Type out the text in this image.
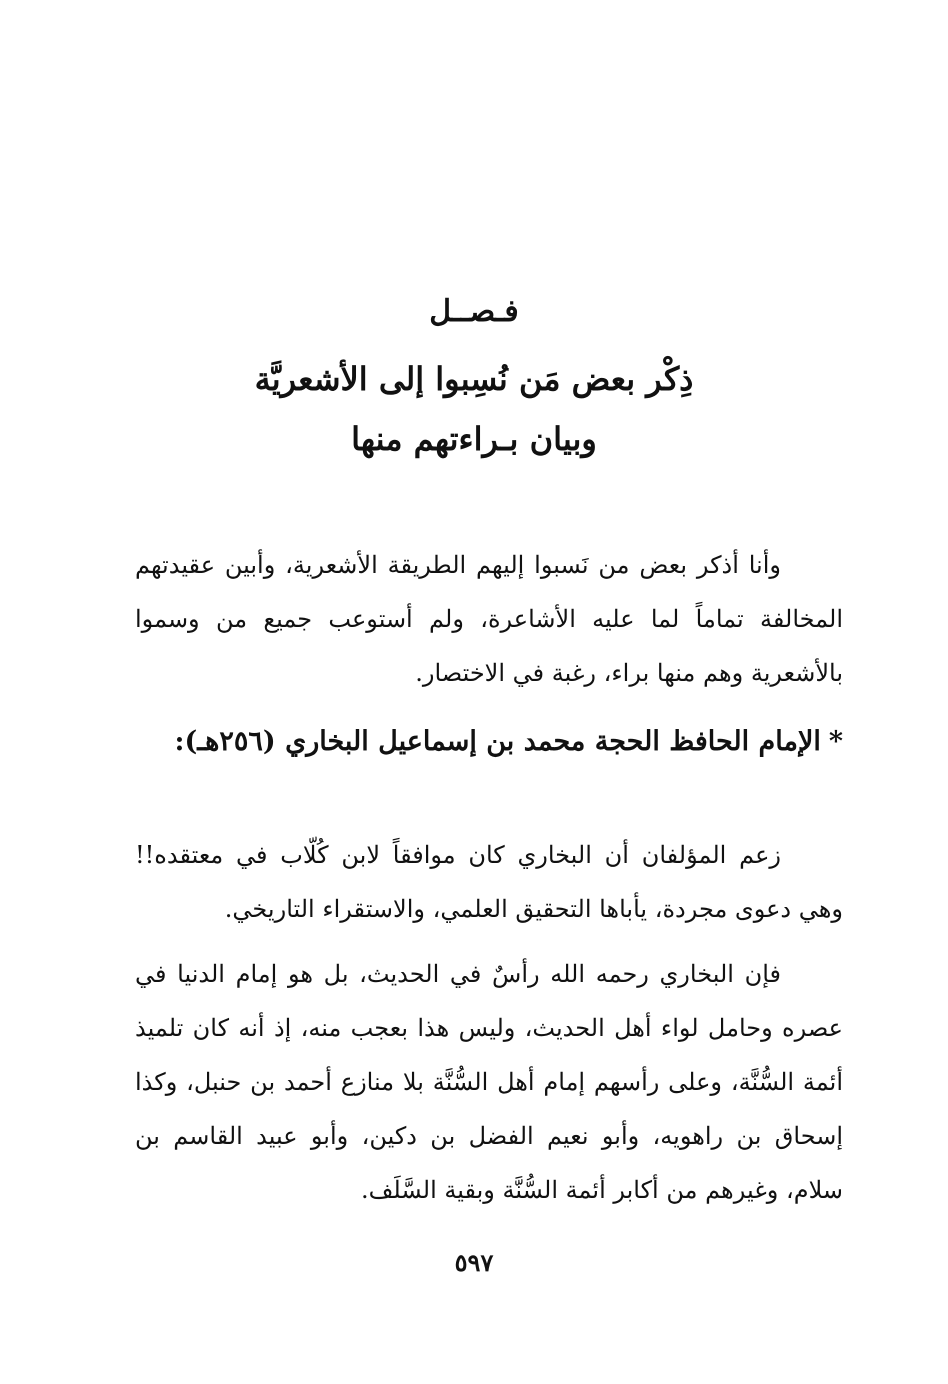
فـصــل
ذِكْر بعض مَن نُسِبوا إلى الأشعريَّة
وبيان بـراءتهم منها
وأنا أذكر بعض من نَسبوا إليهم الطريقة الأشعرية، وأبين عقيدتهم المخالفة تماماً لما عليه الأشاعرة، ولم أستوعب جميع من وسموا بالأشعرية وهم منها براء، رغبة في الاختصار.
*الإمام الحافظ الحجة محمد بن إسماعيل البخاري (٢٥٦هـ):
زعم المؤلفان أن البخاري كان موافقاً لابن كُلّاب في معتقده!! وهي دعوى مجردة، يأباها التحقيق العلمي، والاستقراء التاريخي.
فإن البخاري رحمه الله رأسٌ في الحديث، بل هو إمام الدنيا في عصره وحامل لواء أهل الحديث، وليس هذا بعجب منه، إذ أنه كان تلميذ أئمة السُّنَّة، وعلى رأسهم إمام أهل السُّنَّة بلا منازع أحمد بن حنبل، وكذا إسحاق بن راهويه، وأبو نعيم الفضل بن دكين، وأبو عبيد القاسم بن سلام، وغيرهم من أكابر أئمة السُّنَّة وبقية السَّلَف.
٥٩٧
